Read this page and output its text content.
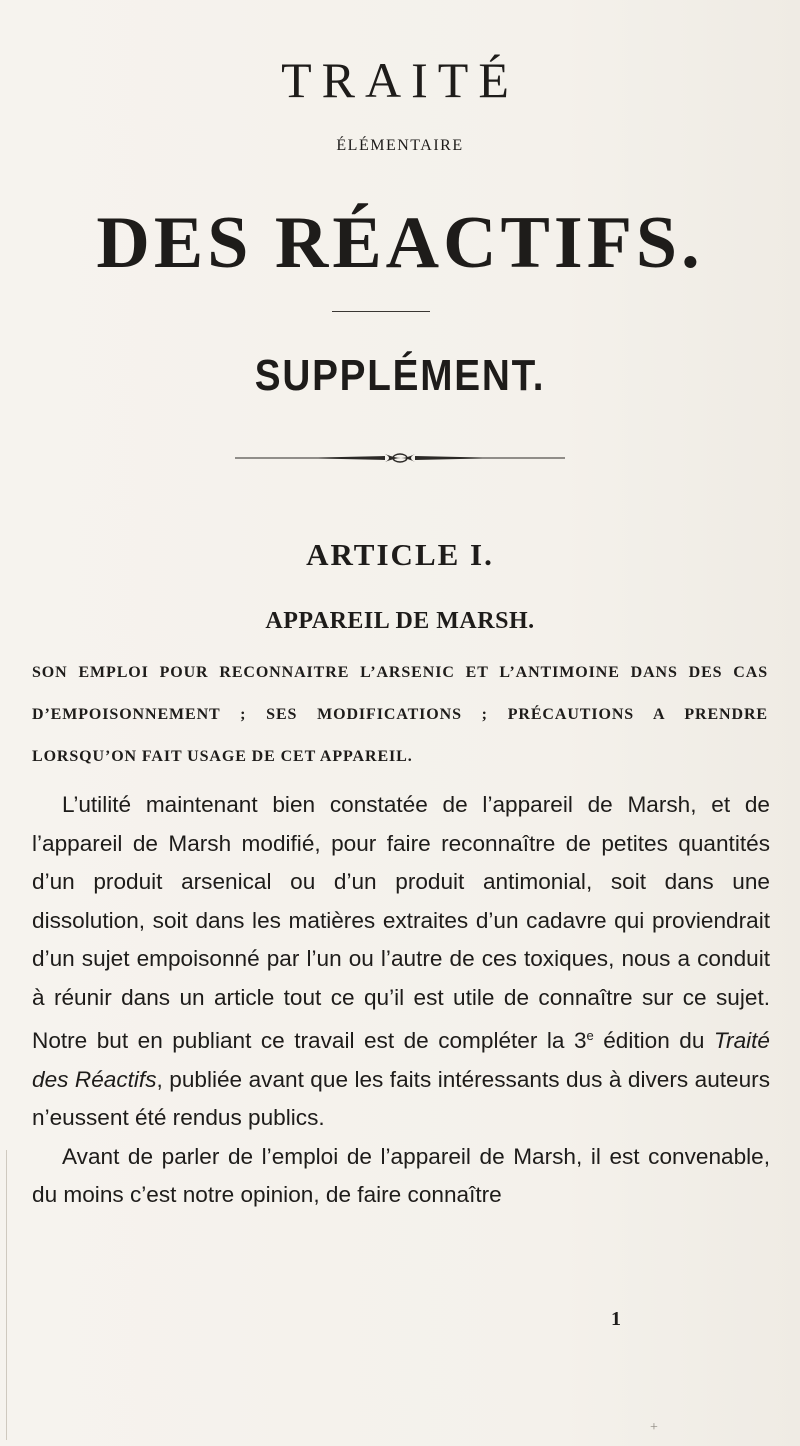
TRAITÉ
ÉLÉMENTAIRE
DES RÉACTIFS.
SUPPLÉMENT.
ARTICLE I.
APPAREIL DE MARSH.

SON EMPLOI POUR RECONNAITRE L’ARSENIC ET L’ANTIMOINE DANS DES CAS D’EMPOISONNEMENT ; SES MODIFICATIONS ; PRÉCAUTIONS A PRENDRE LORSQU’ON FAIT USAGE DE CET APPAREIL.

L’utilité maintenant bien constatée de l’appareil de Marsh, et de l’appareil de Marsh modifié, pour faire reconnaître de petites quantités d’un produit arsenical ou d’un produit antimonial, soit dans une dissolution, soit dans les matières extraites d’un cadavre qui proviendrait d’un sujet empoisonné par l’un ou l’autre de ces toxiques, nous a conduit à réunir dans un article tout ce qu’il est utile de connaître sur ce sujet. Notre but en publiant ce travail est de compléter la 3e édition du Traité des Réactifs, publiée avant que les faits intéressants dus à divers auteurs n’eussent été rendus publics.

Avant de parler de l’emploi de l’appareil de Marsh, il est convenable, du moins c’est notre opinion, de faire connaître

1
+
